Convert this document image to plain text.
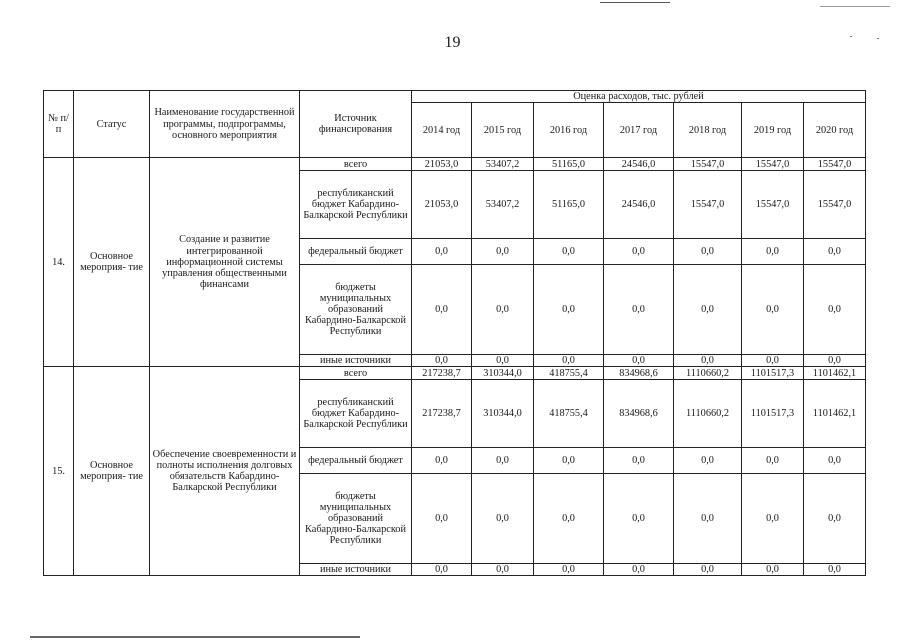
19
№ п/п	Статус	Наименование государственной программы, подпрограммы, основного мероприятия	Источник финансирования	Оценка расходов, тыс. рублей						
				2014 год	2015 год	2016 год	2017 год	2018 год	2019 год	2020 год
14.	Основное мероприя- тие	Создание и развитие интегрированной информационной системы управления общественными финансами	всего	21053,0	53407,2	51165,0	24546,0	15547,0	15547,0	15547,0
			республиканский бюджет Кабардино-Балкарской Республики	21053,0	53407,2	51165,0	24546,0	15547,0	15547,0	15547,0
			федеральный бюджет	0,0	0,0	0,0	0,0	0,0	0,0	0,0
			бюджеты муниципальных образований Кабардино-Балкарской Республики	0,0	0,0	0,0	0,0	0,0	0,0	0,0
			иные источники	0,0	0,0	0,0	0,0	0,0	0,0	0,0
15.	Основное мероприя- тие	Обеспечение своевременности и полноты исполнения долговых обязательств Кабардино-Балкарской Республики	всего	217238,7	310344,0	418755,4	834968,6	1110660,2	1101517,3	1101462,1
			республиканский бюджет Кабардино-Балкарской Республики	217238,7	310344,0	418755,4	834968,6	1110660,2	1101517,3	1101462,1
			федеральный бюджет	0,0	0,0	0,0	0,0	0,0	0,0	0,0
			бюджеты муниципальных образований Кабардино-Балкарской Республики	0,0	0,0	0,0	0,0	0,0	0,0	0,0
			иные источники	0,0	0,0	0,0	0,0	0,0	0,0	0,0
